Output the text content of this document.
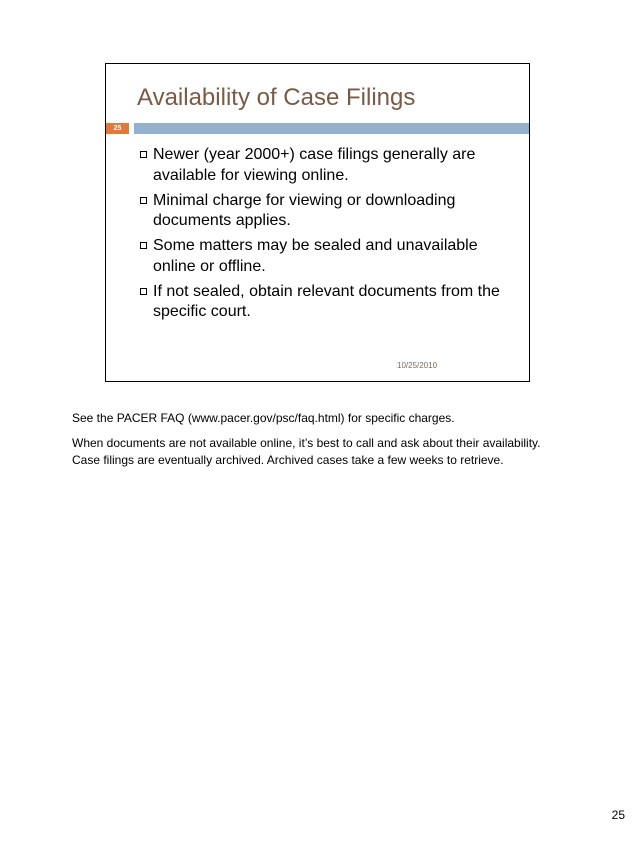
Availability of Case Filings
25
Newer (year 2000+) case filings generally are available for viewing online.
Minimal charge for viewing or downloading documents applies.
Some matters may be sealed and unavailable online or offline.
If not sealed, obtain relevant documents from the specific court.
10/25/2010

See the PACER FAQ (www.pacer.gov/psc/faq.html) for specific charges.

When documents are not available online, it’s best to call and ask about their availability. Case filings are eventually archived. Archived cases take a few weeks to retrieve.

25
